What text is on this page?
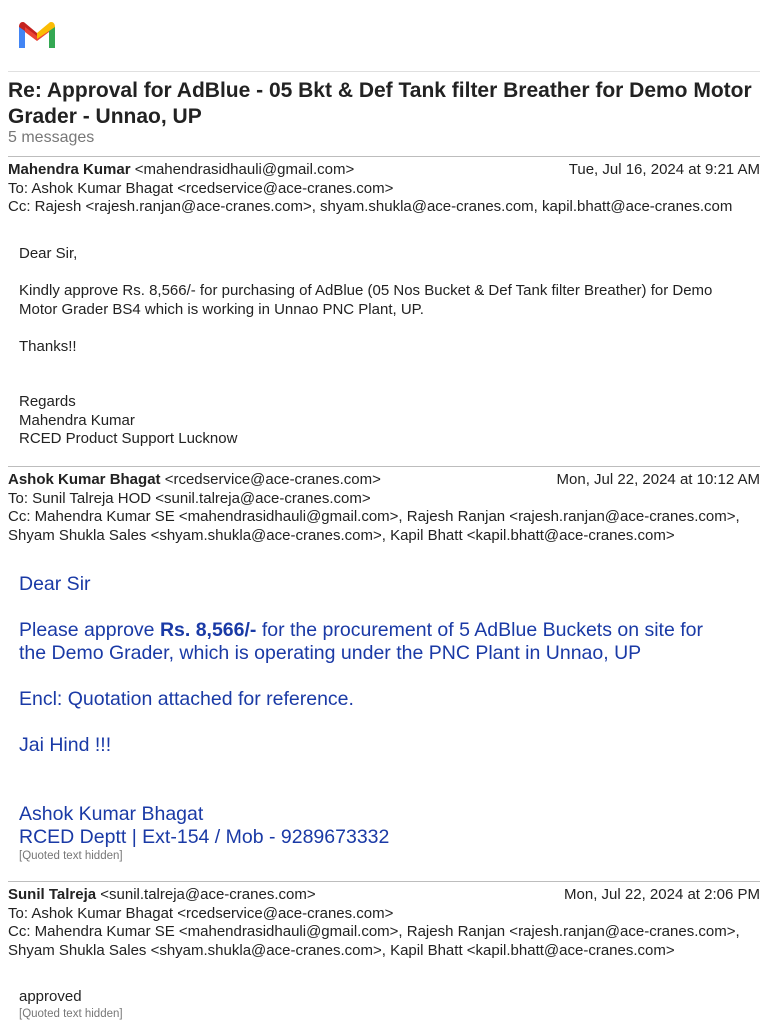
Re: Approval for AdBlue - 05 Bkt & Def Tank filter Breather for Demo Motor Grader - Unnao, UP
5 messages
Mahendra Kumar <mahendrasidhauli@gmail.com>	Tue, Jul 16, 2024 at 9:21 AM
To: Ashok Kumar Bhagat <rcedservice@ace-cranes.com>
Cc: Rajesh <rajesh.ranjan@ace-cranes.com>, shyam.shukla@ace-cranes.com, kapil.bhatt@ace-cranes.com

Dear Sir,

Kindly approve Rs. 8,566/- for purchasing of AdBlue (05 Nos Bucket & Def Tank filter Breather) for Demo Motor Grader BS4 which is working in Unnao PNC Plant, UP.

Thanks!!

Regards

Mahendra Kumar

RCED Product Support Lucknow

Ashok Kumar Bhagat <rcedservice@ace-cranes.com>	Mon, Jul 22, 2024 at 10:12 AM
To: Sunil Talreja HOD <sunil.talreja@ace-cranes.com>
Cc: Mahendra Kumar SE <mahendrasidhauli@gmail.com>, Rajesh Ranjan <rajesh.ranjan@ace-cranes.com>, Shyam Shukla Sales <shyam.shukla@ace-cranes.com>, Kapil Bhatt <kapil.bhatt@ace-cranes.com>

Dear Sir

Please approve Rs. 8,566/- for the procurement of 5 AdBlue Buckets on site for the Demo Grader, which is operating under the PNC Plant in Unnao, UP

Encl: Quotation attached for reference.

Jai Hind !!!

Ashok Kumar Bhagat

RCED Deptt | Ext-154 / Mob - 9289673332

[Quoted text hidden]
Sunil Talreja <sunil.talreja@ace-cranes.com>	Mon, Jul 22, 2024 at 2:06 PM
To: Ashok Kumar Bhagat <rcedservice@ace-cranes.com>
Cc: Mahendra Kumar SE <mahendrasidhauli@gmail.com>, Rajesh Ranjan <rajesh.ranjan@ace-cranes.com>, Shyam Shukla Sales <shyam.shukla@ace-cranes.com>, Kapil Bhatt <kapil.bhatt@ace-cranes.com>

approved

[Quoted text hidden]
